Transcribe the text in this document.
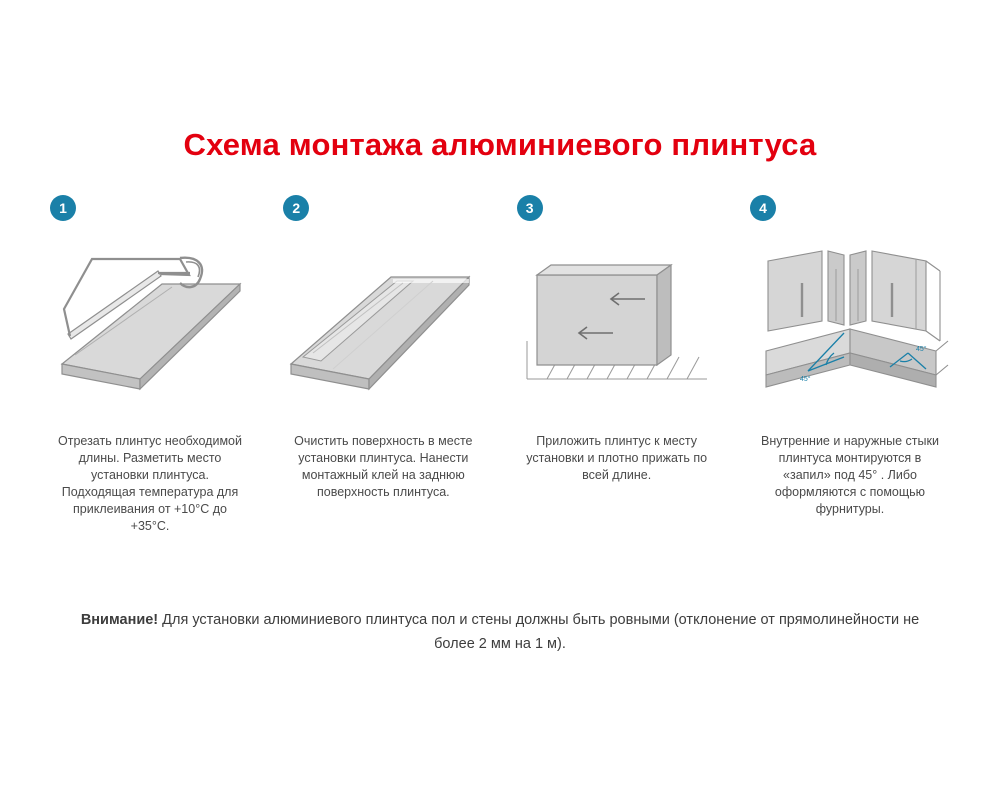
Схема монтажа алюминиевого плинтуса
1
Отрезать плинтус необходимой длины. Разметить место установки плинтуса. Подходящая температура для приклеивания от +10°С до +35°С.
2
Очистить поверхность в месте установки плинтуса. Нанести монтажный клей на заднюю поверхность плинтуса.
3
Приложить плинтус к месту установки и плотно прижать по всей длине.
4
45°
45°
Внутренние и наружные стыки плинтуса монтируются в «запил» под 45° . Либо оформляются с помощью фурнитуры.
Внимание! Для установки алюминиевого плинтуса пол и стены должны быть ровными (отклонение от прямолинейности не более 2 мм на 1 м).
